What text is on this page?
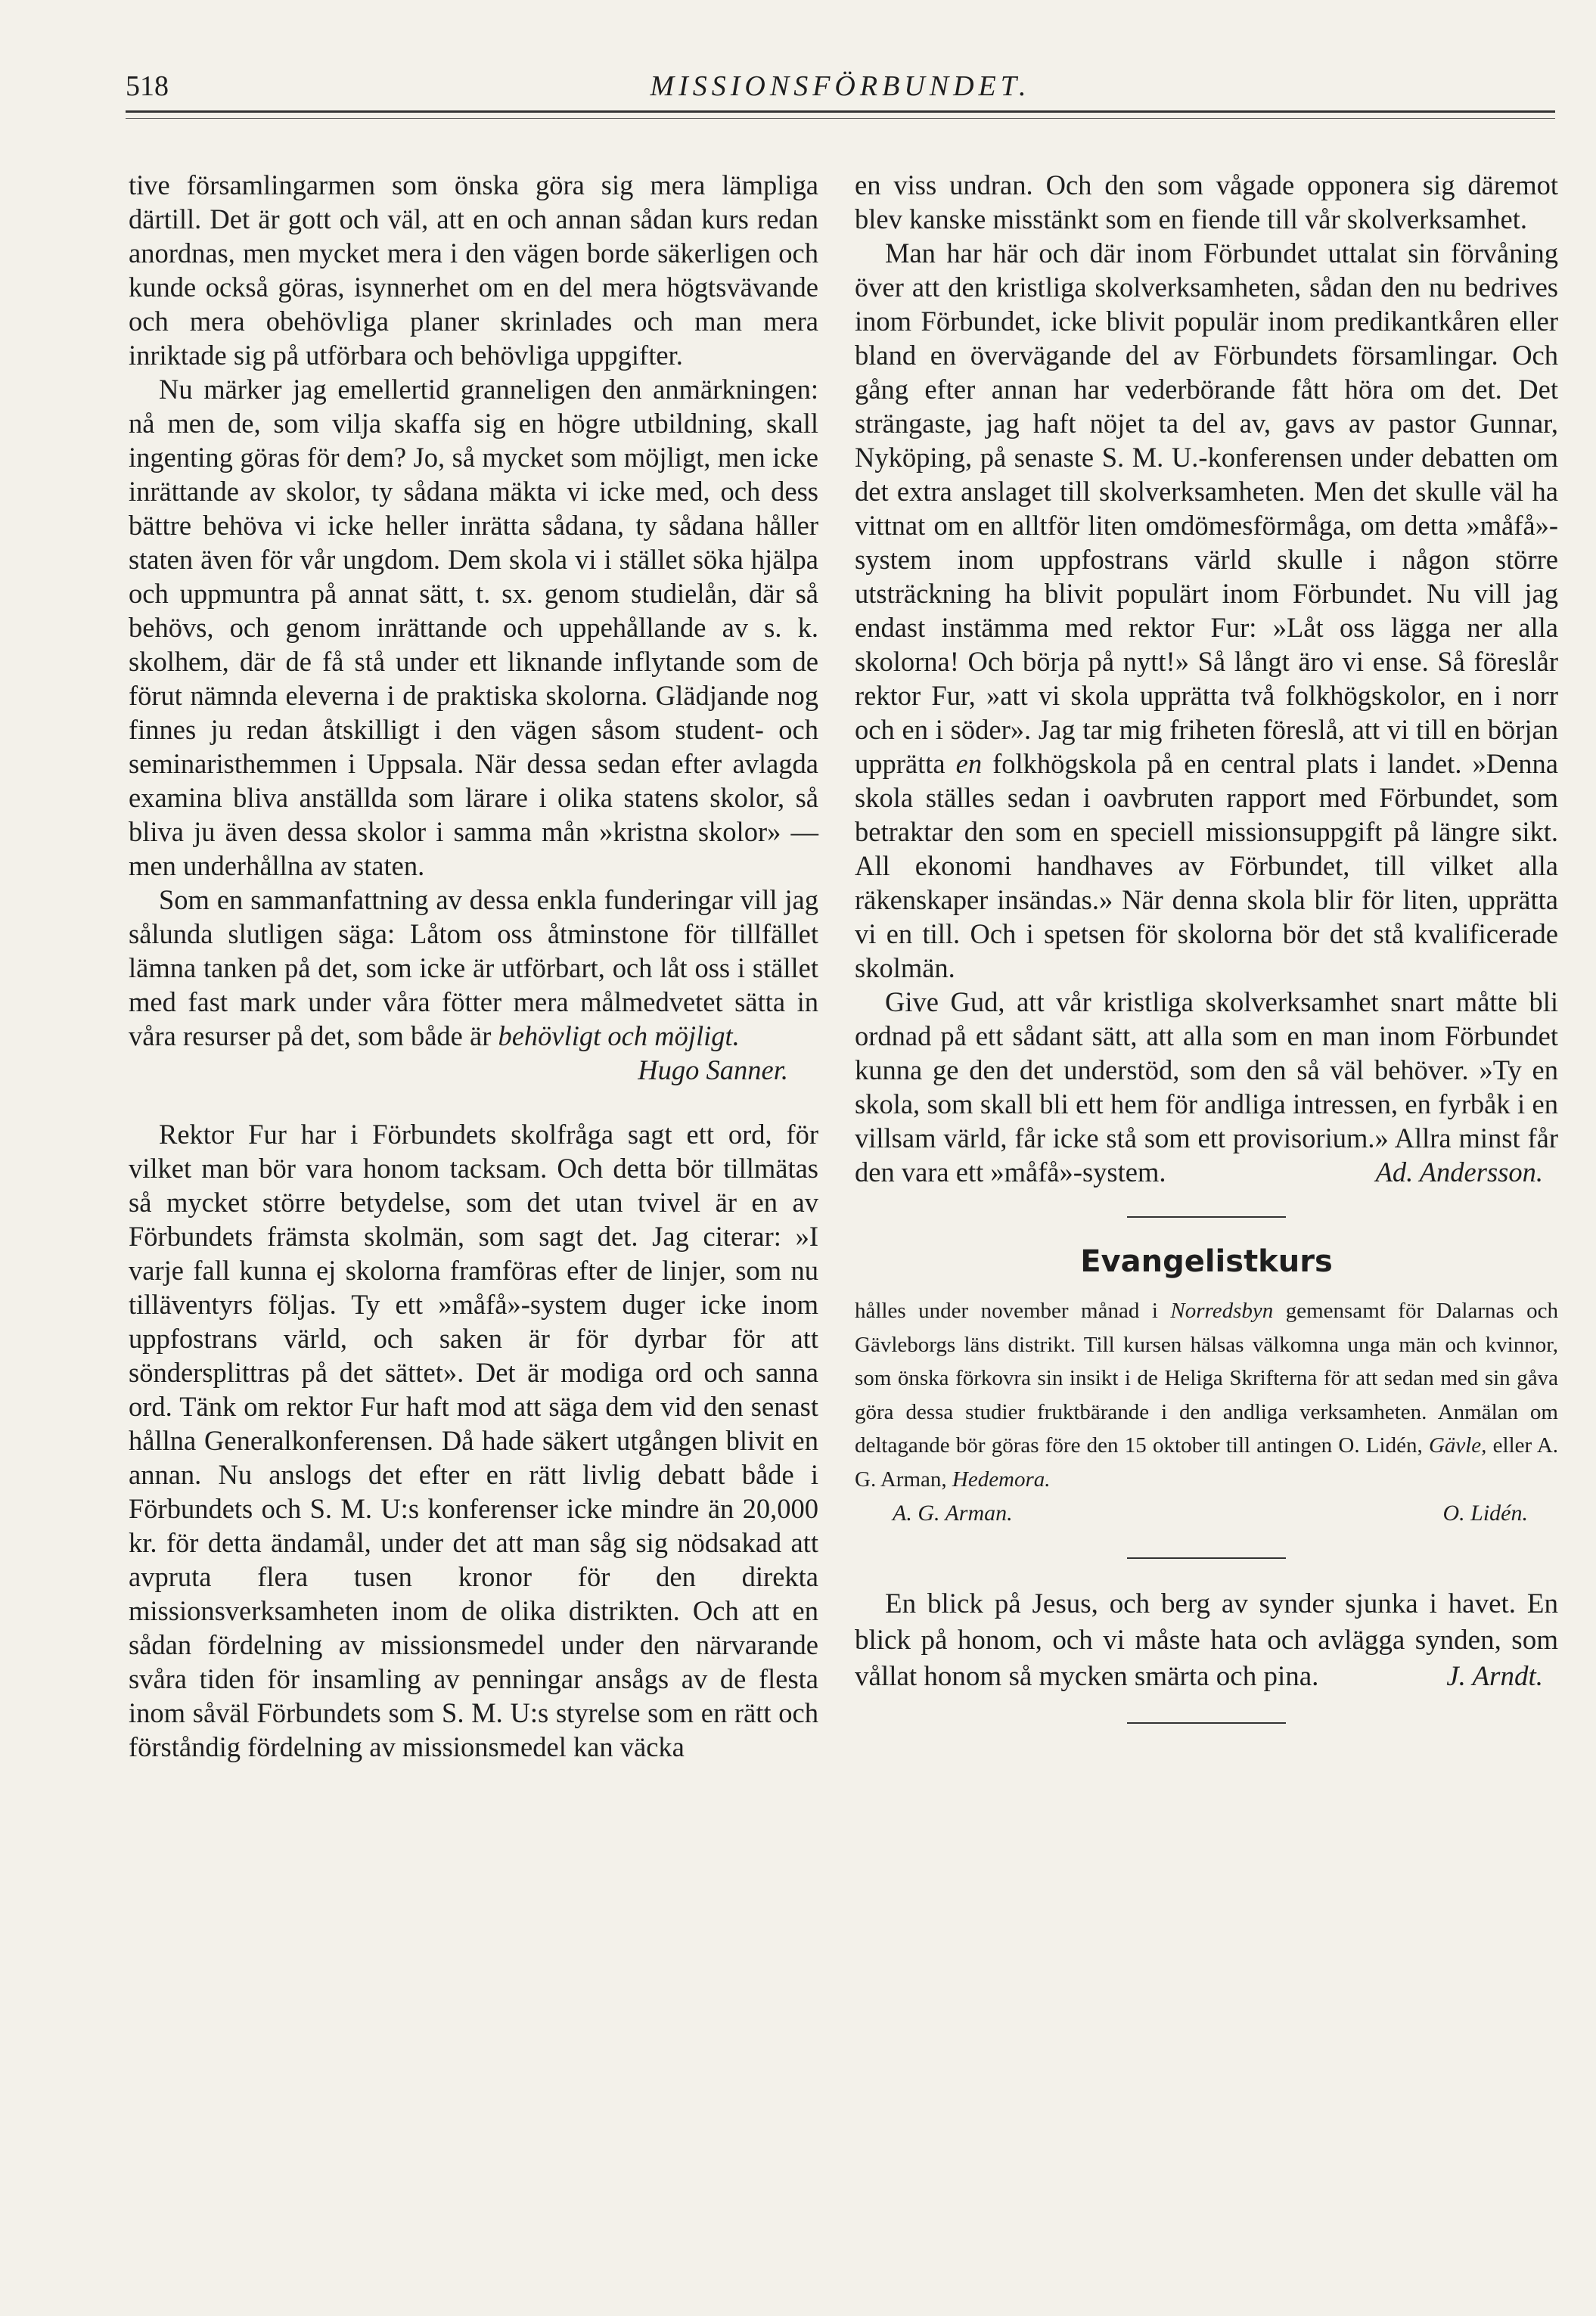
518	MISSIONSFÖRBUNDET.

tive församlingarmen som önska göra sig mera lämpliga därtill. Det är gott och väl, att en och annan sådan kurs redan anordnas, men mycket mera i den vägen borde säkerligen och kunde också göras, isynnerhet om en del mera högtsvävande och mera obehövliga planer skrinlades och man mera inriktade sig på utförbara och behövliga uppgifter.

Nu märker jag emellertid granneligen den anmärkningen: nå men de, som vilja skaffa sig en högre utbildning, skall ingenting göras för dem? Jo, så mycket som möjligt, men icke inrättande av skolor, ty sådana mäkta vi icke med, och dess bättre behöva vi icke heller inrätta sådana, ty sådana håller staten även för vår ungdom. Dem skola vi i stället söka hjälpa och uppmuntra på annat sätt, t. sx. genom studielån, där så behövs, och genom inrättande och uppehållande av s. k. skolhem, där de få stå under ett liknande inflytande som de förut nämnda eleverna i de praktiska skolorna. Glädjande nog finnes ju redan åtskilligt i den vägen såsom student- och seminaristhemmen i Uppsala. När dessa sedan efter avlagda examina bliva anställda som lärare i olika statens skolor, så bliva ju även dessa skolor i samma mån »kristna skolor» — men underhållna av staten.

Som en sammanfattning av dessa enkla funderingar vill jag sålunda slutligen säga: Låtom oss åtminstone för tillfället lämna tanken på det, som icke är utförbart, och låt oss i stället med fast mark under våra fötter mera målmedvetet sätta in våra resurser på det, som både är behövligt och möjligt.

Hugo Sanner.

Rektor Fur har i Förbundets skolfråga sagt ett ord, för vilket man bör vara honom tacksam. Och detta bör tillmätas så mycket större betydelse, som det utan tvivel är en av Förbundets främsta skolmän, som sagt det. Jag citerar: »I varje fall kunna ej skolorna framföras efter de linjer, som nu tilläventyrs följas. Ty ett »måfå»-system duger icke inom uppfostrans värld, och saken är för dyrbar för att söndersplittras på det sättet». Det är modiga ord och sanna ord. Tänk om rektor Fur haft mod att säga dem vid den senast hållna Generalkonferensen. Då hade säkert utgången blivit en annan. Nu anslogs det efter en rätt livlig debatt både i Förbundets och S. M. U:s konferenser icke mindre än 20,000 kr. för detta ändamål, under det att man såg sig nödsakad att avpruta flera tusen kronor för den direkta missionsverksamheten inom de olika distrikten. Och att en sådan fördelning av missionsmedel under den närvarande svåra tiden för insamling av penningar ansågs av de flesta inom såväl Förbundets som S. M. U:s styrelse som en rätt och förståndig fördelning av missionsmedel kan väcka

en viss undran. Och den som vågade opponera sig däremot blev kanske misstänkt som en fiende till vår skolverksamhet.

Man har här och där inom Förbundet uttalat sin förvåning över att den kristliga skolverksamheten, sådan den nu bedrives inom Förbundet, icke blivit populär inom predikantkåren eller bland en övervägande del av Förbundets församlingar. Och gång efter annan har vederbörande fått höra om det. Det strängaste, jag haft nöjet ta del av, gavs av pastor Gunnar, Nyköping, på senaste S. M. U.-konferensen under debatten om det extra anslaget till skolverksamheten. Men det skulle väl ha vittnat om en alltför liten omdömesförmåga, om detta »måfå»-system inom uppfostrans värld skulle i någon större utsträckning ha blivit populärt inom Förbundet. Nu vill jag endast instämma med rektor Fur: »Låt oss lägga ner alla skolorna! Och börja på nytt!» Så långt äro vi ense. Så föreslår rektor Fur, »att vi skola upprätta två folkhögskolor, en i norr och en i söder». Jag tar mig friheten föreslå, att vi till en början upprätta en folkhögskola på en central plats i landet. »Denna skola ställes sedan i oavbruten rapport med Förbundet, som betraktar den som en speciell missionsuppgift på längre sikt. All ekonomi handhaves av Förbundet, till vilket alla räkenskaper insändas.» När denna skola blir för liten, upprätta vi en till. Och i spetsen för skolorna bör det stå kvalificerade skolmän.

Give Gud, att vår kristliga skolverksamhet snart måtte bli ordnad på ett sådant sätt, att alla som en man inom Förbundet kunna ge den det understöd, som den så väl behöver. »Ty en skola, som skall bli ett hem för andliga intressen, en fyrbåk i en villsam värld, får icke stå som ett provisorium.» Allra minst får den vara ett »måfå»-system.	Ad. Andersson.

Evangelistkurs

hålles under november månad i Norredsbyn gemensamt för Dalarnas och Gävleborgs läns distrikt. Till kursen hälsas välkomna unga män och kvinnor, som önska förkovra sin insikt i de Heliga Skrifterna för att sedan med sin gåva göra dessa studier fruktbärande i den andliga verksamheten. Anmälan om deltagande bör göras före den 15 oktober till antingen O. Lidén, Gävle, eller A. G. Arman, Hedemora.

A. G. Arman.	O. Lidén.

En blick på Jesus, och berg av synder sjunka i havet. En blick på honom, och vi måste hata och avlägga synden, som vållat honom så mycken smärta och pina.	J. Arndt.
